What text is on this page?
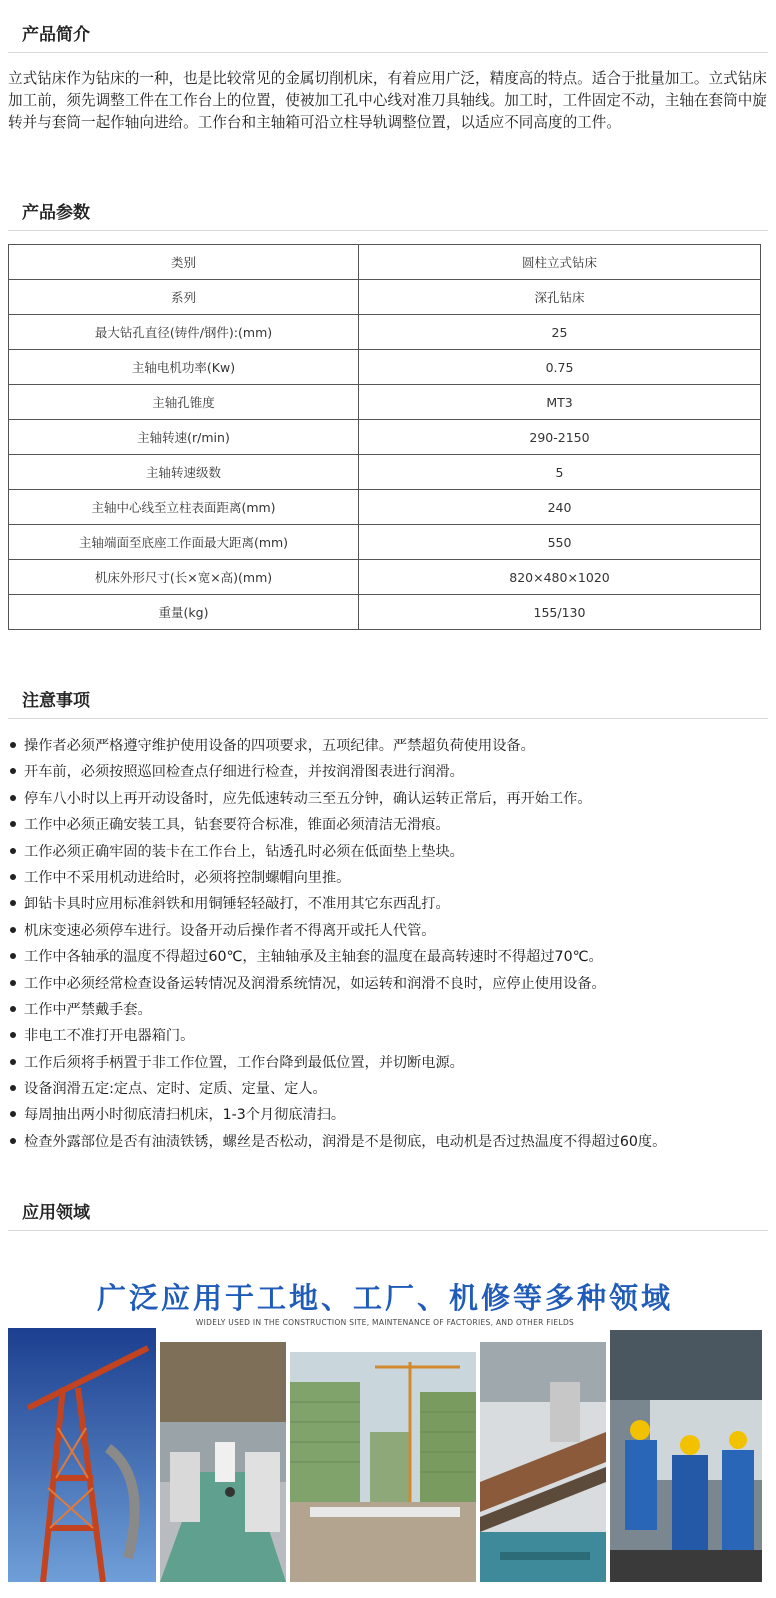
产品简介

立式钻床作为钻床的一种，也是比较常见的金属切削机床，有着应用广泛，精度高的特点。适合于批量加工。立式钻床加工前，须先调整工件在工作台上的位置，使被加工孔中心线对准刀具轴线。加工时，工件固定不动，主轴在套筒中旋转并与套筒一起作轴向进给。工作台和主轴箱可沿立柱导轨调整位置，以适应不同高度的工件。

产品参数
类别	圆柱立式钻床
系列	深孔钻床
最大钻孔直径(铸件/钢件):(mm)	25
主轴电机功率(Kw)	0.75
主轴孔锥度	MT3
主轴转速(r/min)	290-2150
主轴转速级数	5
主轴中心线至立柱表面距离(mm)	240
主轴端面至底座工作面最大距离(mm)	550
机床外形尺寸(长×宽×高)(mm)	820×480×1020
重量(kg)	155/130
注意事项
操作者必须严格遵守维护使用设备的四项要求，五项纪律。严禁超负荷使用设备。
开车前，必须按照巡回检查点仔细进行检查，并按润滑图表进行润滑。
停车八小时以上再开动设备时，应先低速转动三至五分钟，确认运转正常后，再开始工作。
工作中必须正确安装工具，钻套要符合标准，锥面必须清洁无滑痕。
工作必须正确牢固的装卡在工作台上，钻透孔时必须在低面垫上垫块。
工作中不采用机动进给时，必须将控制螺帽向里推。
卸钻卡具时应用标准斜铁和用铜锤轻轻敲打，不准用其它东西乱打。
机床变速必须停车进行。设备开动后操作者不得离开或托人代管。
工作中各轴承的温度不得超过60℃，主轴轴承及主轴套的温度在最高转速时不得超过70℃。
工作中必须经常检查设备运转情况及润滑系统情况，如运转和润滑不良时，应停止使用设备。
工作中严禁戴手套。
非电工不准打开电器箱门。
工作后须将手柄置于非工作位置，工作台降到最低位置，并切断电源。
设备润滑五定:定点、定时、定质、定量、定人。
每周抽出两小时彻底清扫机床，1-3个月彻底清扫。
检查外露部位是否有油渍铁锈，螺丝是否松动，润滑是不是彻底，电动机是否过热温度不得超过60度。
应用领域
广泛应用于工地、工厂、机修等多种领域
WIDELY USED IN THE CONSTRUCTION SITE, MAINTENANCE OF FACTORIES, AND OTHER FIELDS
